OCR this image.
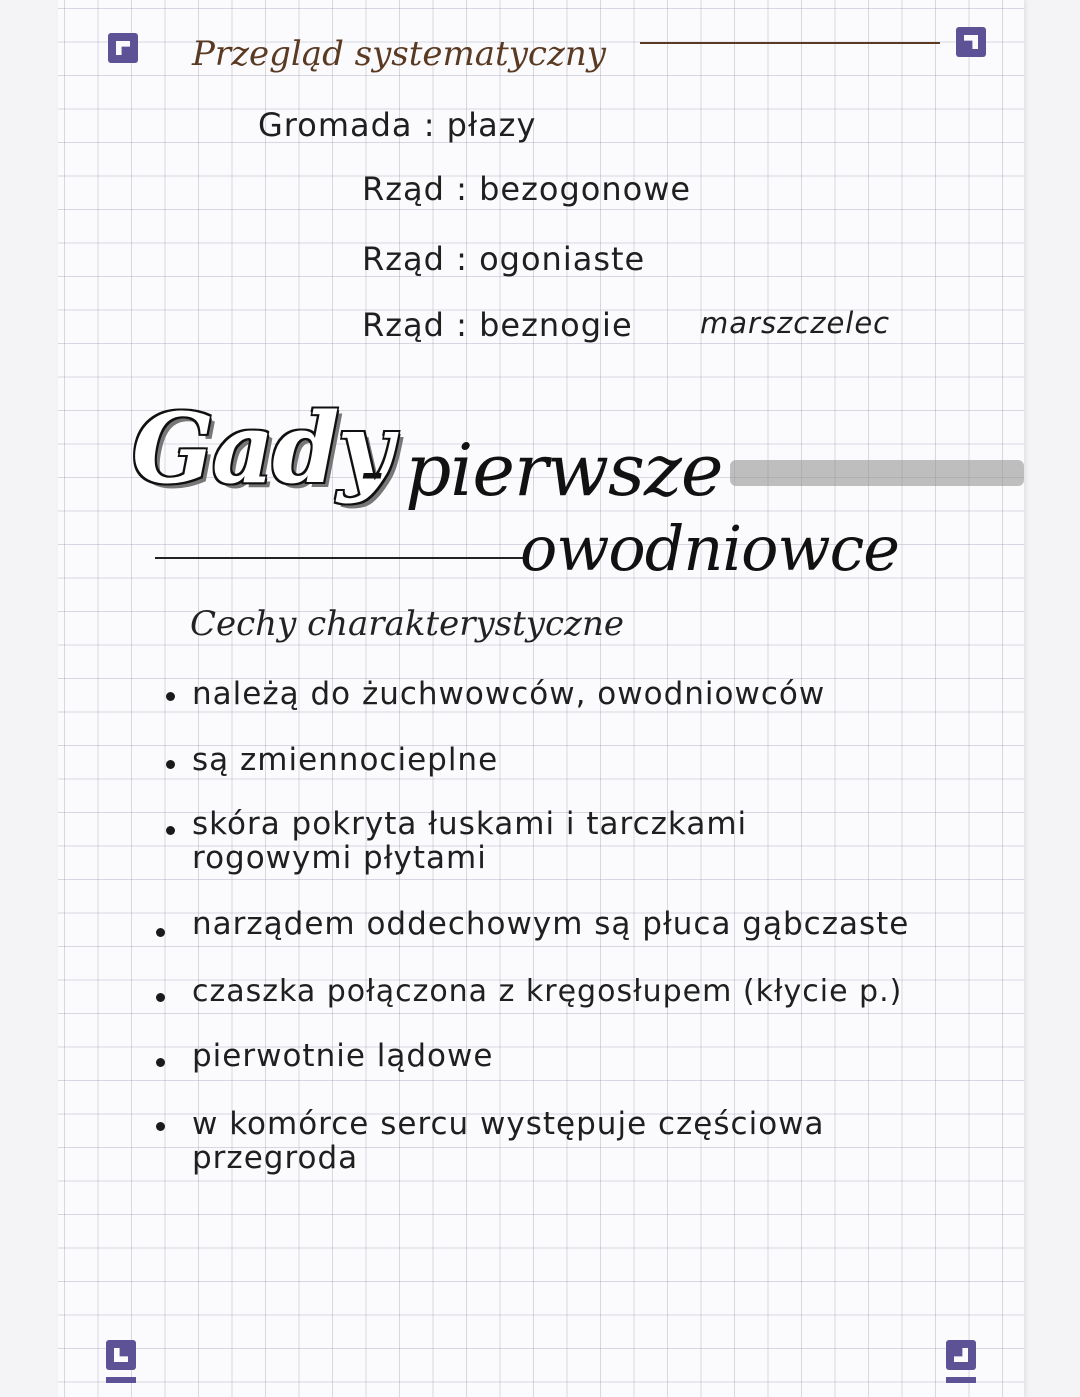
Przegląd systematyczny
Gromada : płazy
Rząd : bezogonowe
Rząd : ogoniaste
Rząd : beznogie marszczelec
Gady
- pierwsze
owodniowce
Cechy charakterystyczne
należą do żuchwowców, owodniowców
są zmiennocieplne
skóra pokryta łuskami i tarczkami
rogowymi płytami
narządem oddechowym są płuca gąbczaste
czaszka połączona z kręgosłupem (kłycie p.)
pierwotnie lądowe
w komórce sercu występuje częściowa
przegroda
